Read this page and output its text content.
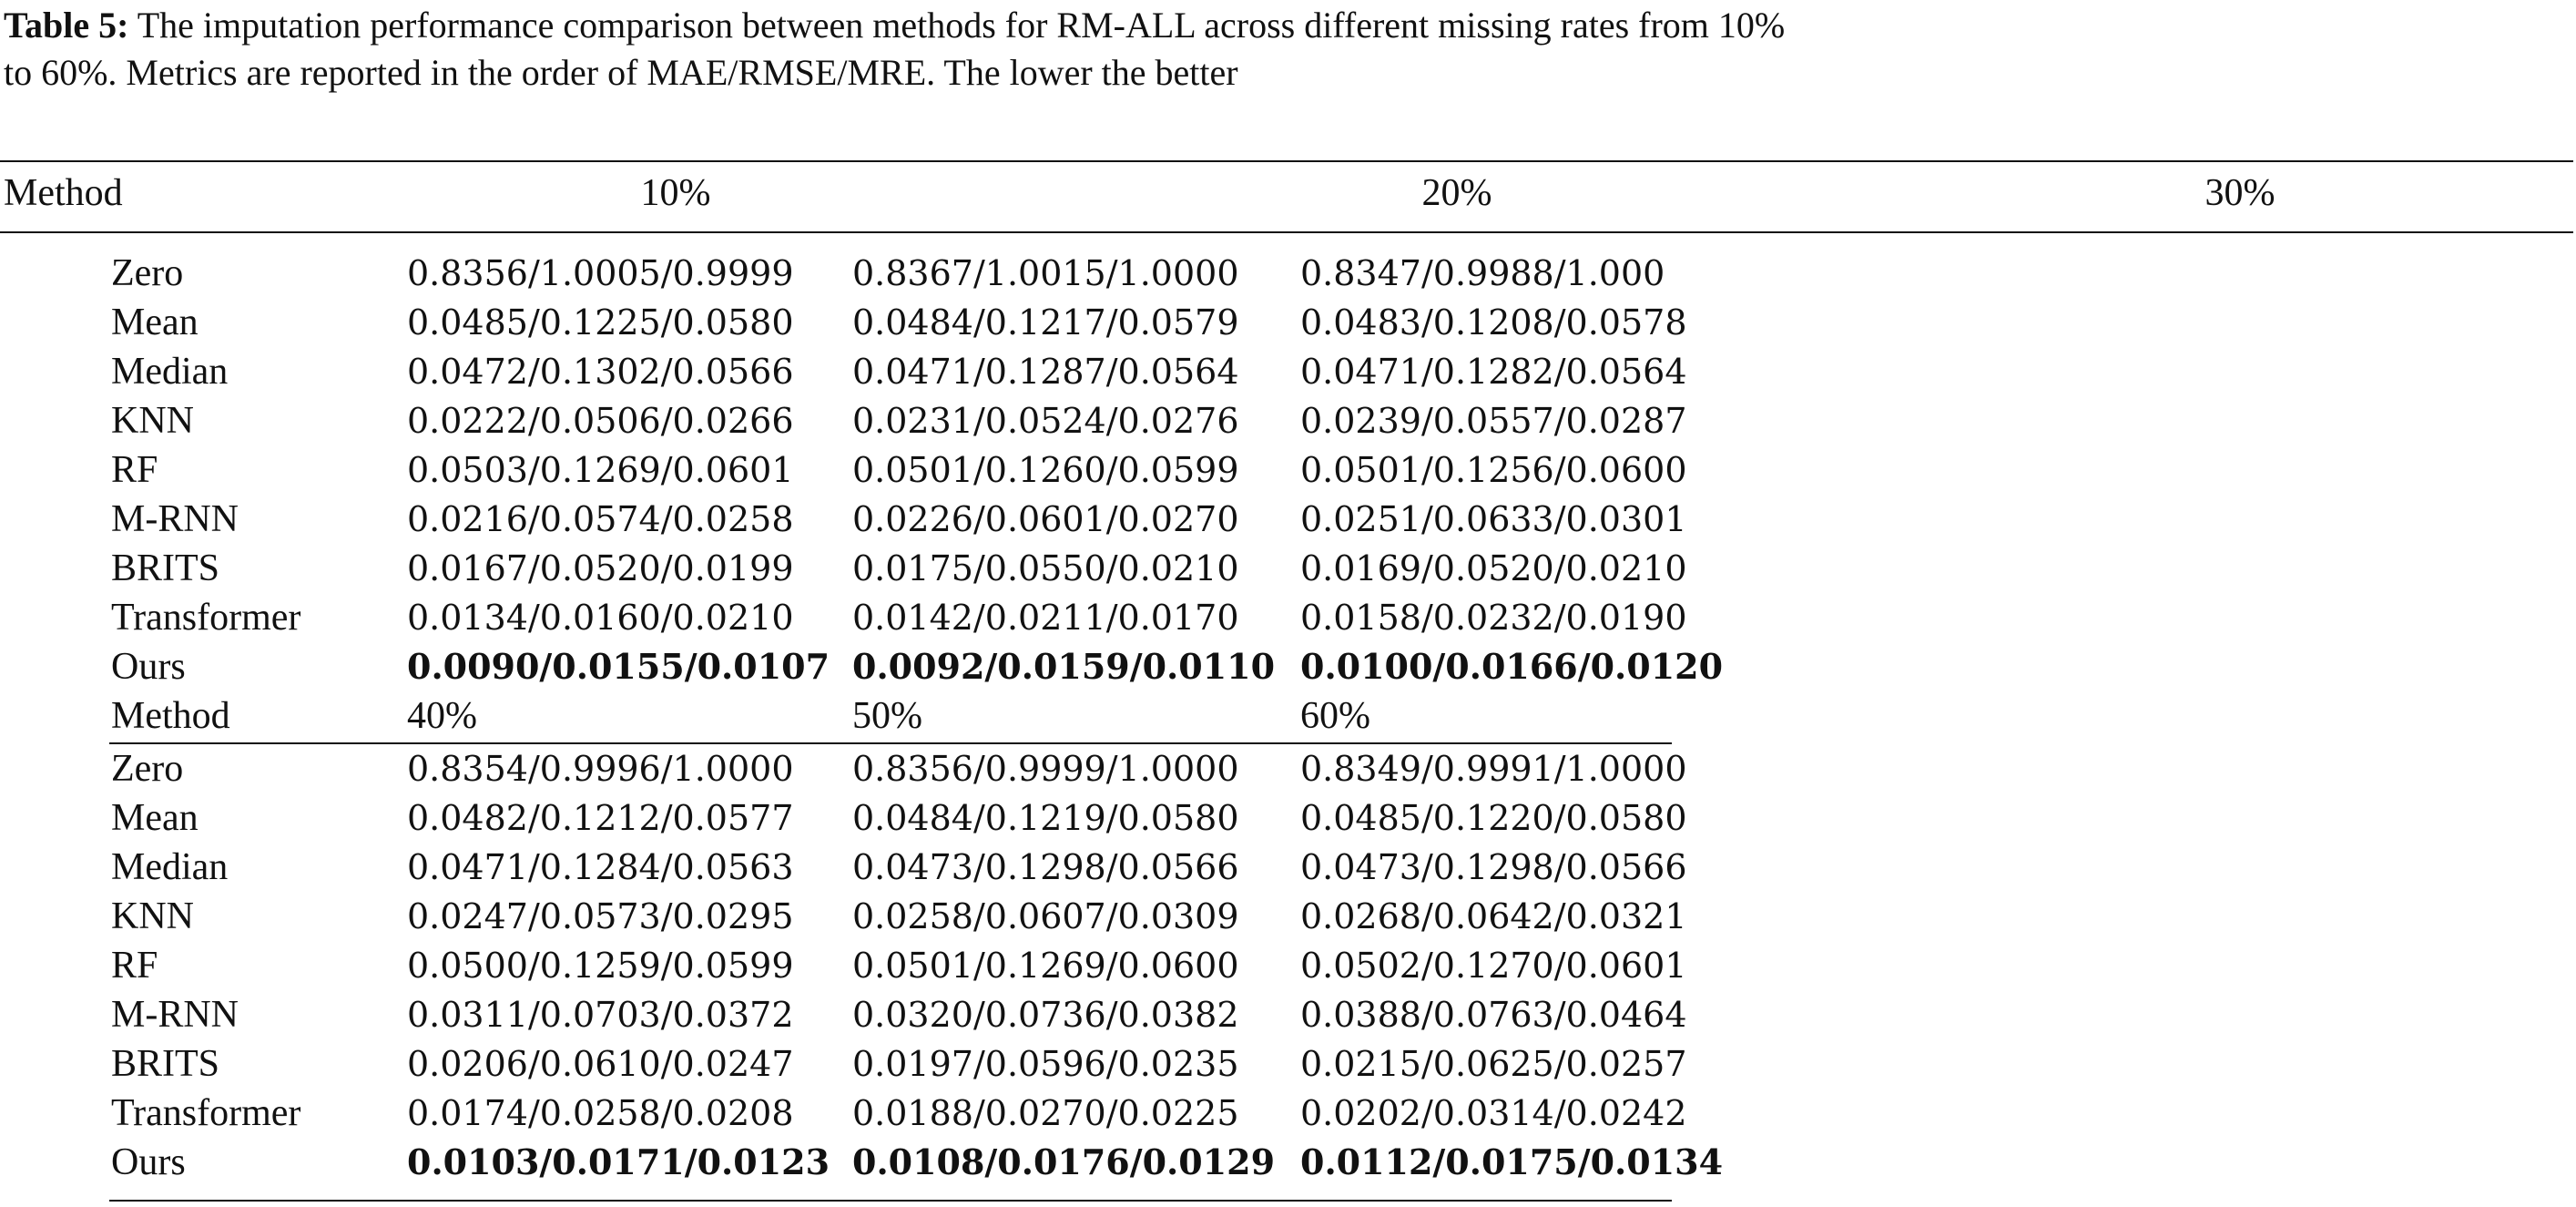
Table 5: The imputation performance comparison between methods for RM-ALL across different missing rates from 10% to 60%. Metrics are reported in the order of MAE/RMSE/MRE. The lower the better
Method	10%	20%	30%
Zero	0.8356/1.0005/0.9999 0.8367/1.0015/1.0000 0.8347/0.9988/1.000
Mean	0.0485/0.1225/0.0580 0.0484/0.1217/0.0579 0.0483/0.1208/0.0578
Median	0.0472/0.1302/0.0566 0.0471/0.1287/0.0564 0.0471/0.1282/0.0564
KNN	0.0222/0.0506/0.0266 0.0231/0.0524/0.0276 0.0239/0.0557/0.0287
RF	0.0503/0.1269/0.0601 0.0501/0.1260/0.0599 0.0501/0.1256/0.0600
M-RNN	0.0216/0.0574/0.0258 0.0226/0.0601/0.0270 0.0251/0.0633/0.0301
BRITS	0.0167/0.0520/0.0199 0.0175/0.0550/0.0210 0.0169/0.0520/0.0210
Transformer	0.0134/0.0160/0.0210 0.0142/0.0211/0.0170 0.0158/0.0232/0.0190
Ours	0.0090/0.0155/0.0107 0.0092/0.0159/0.0110 0.0100/0.0166/0.0120
Method	40%	50%	60%
Zero	0.8354/0.9996/1.0000 0.8356/0.9999/1.0000 0.8349/0.9991/1.0000
Mean	0.0482/0.1212/0.0577 0.0484/0.1219/0.0580 0.0485/0.1220/0.0580
Median	0.0471/0.1284/0.0563 0.0473/0.1298/0.0566 0.0473/0.1298/0.0566
KNN	0.0247/0.0573/0.0295 0.0258/0.0607/0.0309 0.0268/0.0642/0.0321
RF	0.0500/0.1259/0.0599 0.0501/0.1269/0.0600 0.0502/0.1270/0.0601
M-RNN	0.0311/0.0703/0.0372 0.0320/0.0736/0.0382 0.0388/0.0763/0.0464
BRITS	0.0206/0.0610/0.0247 0.0197/0.0596/0.0235 0.0215/0.0625/0.0257
Transformer	0.0174/0.0258/0.0208 0.0188/0.0270/0.0225 0.0202/0.0314/0.0242
Ours	0.0103/0.0171/0.0123 0.0108/0.0176/0.0129 0.0112/0.0175/0.0134
